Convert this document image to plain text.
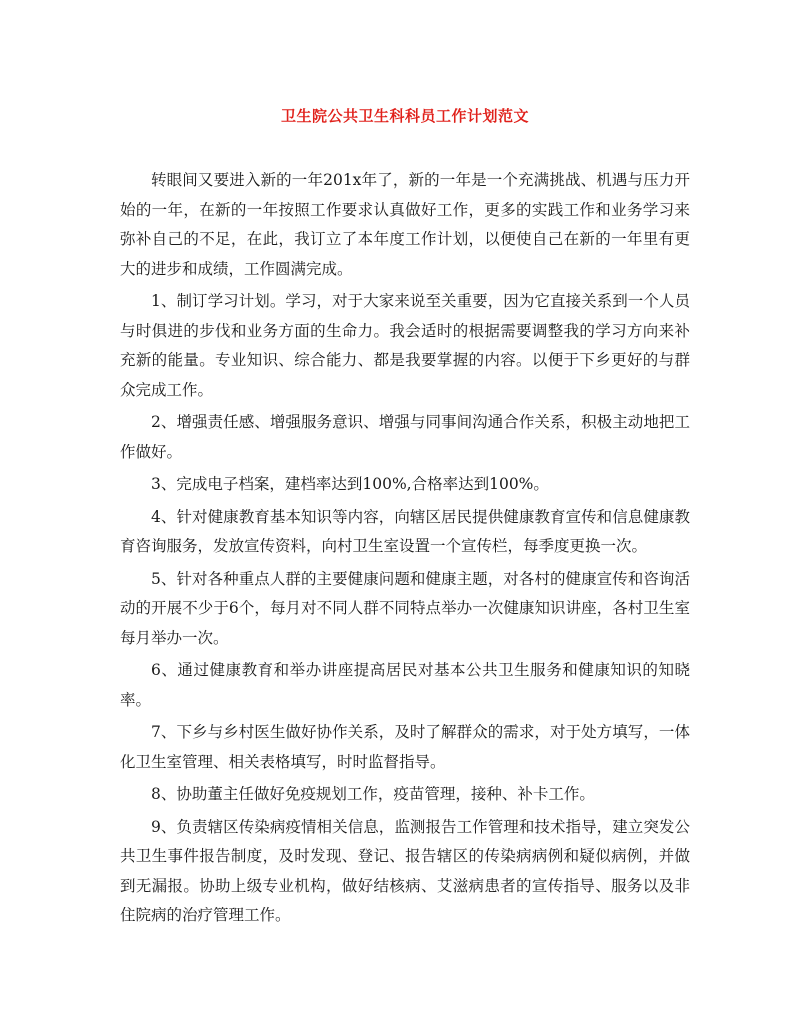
卫生院公共卫生科科员工作计划范文

转眼间又要进入新的一年201x年了，新的一年是一个充满挑战、机遇与压力开始的一年，在新的一年按照工作要求认真做好工作，更多的实践工作和业务学习来弥补自己的不足，在此，我订立了本年度工作计划，以便使自己在新的一年里有更大的进步和成绩，工作圆满完成。

1、制订学习计划。学习，对于大家来说至关重要，因为它直接关系到一个人员与时俱进的步伐和业务方面的生命力。我会适时的根据需要调整我的学习方向来补充新的能量。专业知识、综合能力、都是我要掌握的内容。以便于下乡更好的与群众完成工作。

2、增强责任感、增强服务意识、增强与同事间沟通合作关系，积极主动地把工作做好。

3、完成电子档案，建档率达到100%,合格率达到100%。

4、针对健康教育基本知识等内容，向辖区居民提供健康教育宣传和信息健康教育咨询服务，发放宣传资料，向村卫生室设置一个宣传栏，每季度更换一次。

5、针对各种重点人群的主要健康问题和健康主题，对各村的健康宣传和咨询活动的开展不少于6个，每月对不同人群不同特点举办一次健康知识讲座，各村卫生室每月举办一次。

6、通过健康教育和举办讲座提高居民对基本公共卫生服务和健康知识的知晓率。

7、下乡与乡村医生做好协作关系，及时了解群众的需求，对于处方填写，一体化卫生室管理、相关表格填写，时时监督指导。

8、协助董主任做好免疫规划工作，疫苗管理，接种、补卡工作。

9、负责辖区传染病疫情相关信息，监测报告工作管理和技术指导，建立突发公共卫生事件报告制度，及时发现、登记、报告辖区的传染病病例和疑似病例，并做到无漏报。协助上级专业机构，做好结核病、艾滋病患者的宣传指导、服务以及非住院病的治疗管理工作。
